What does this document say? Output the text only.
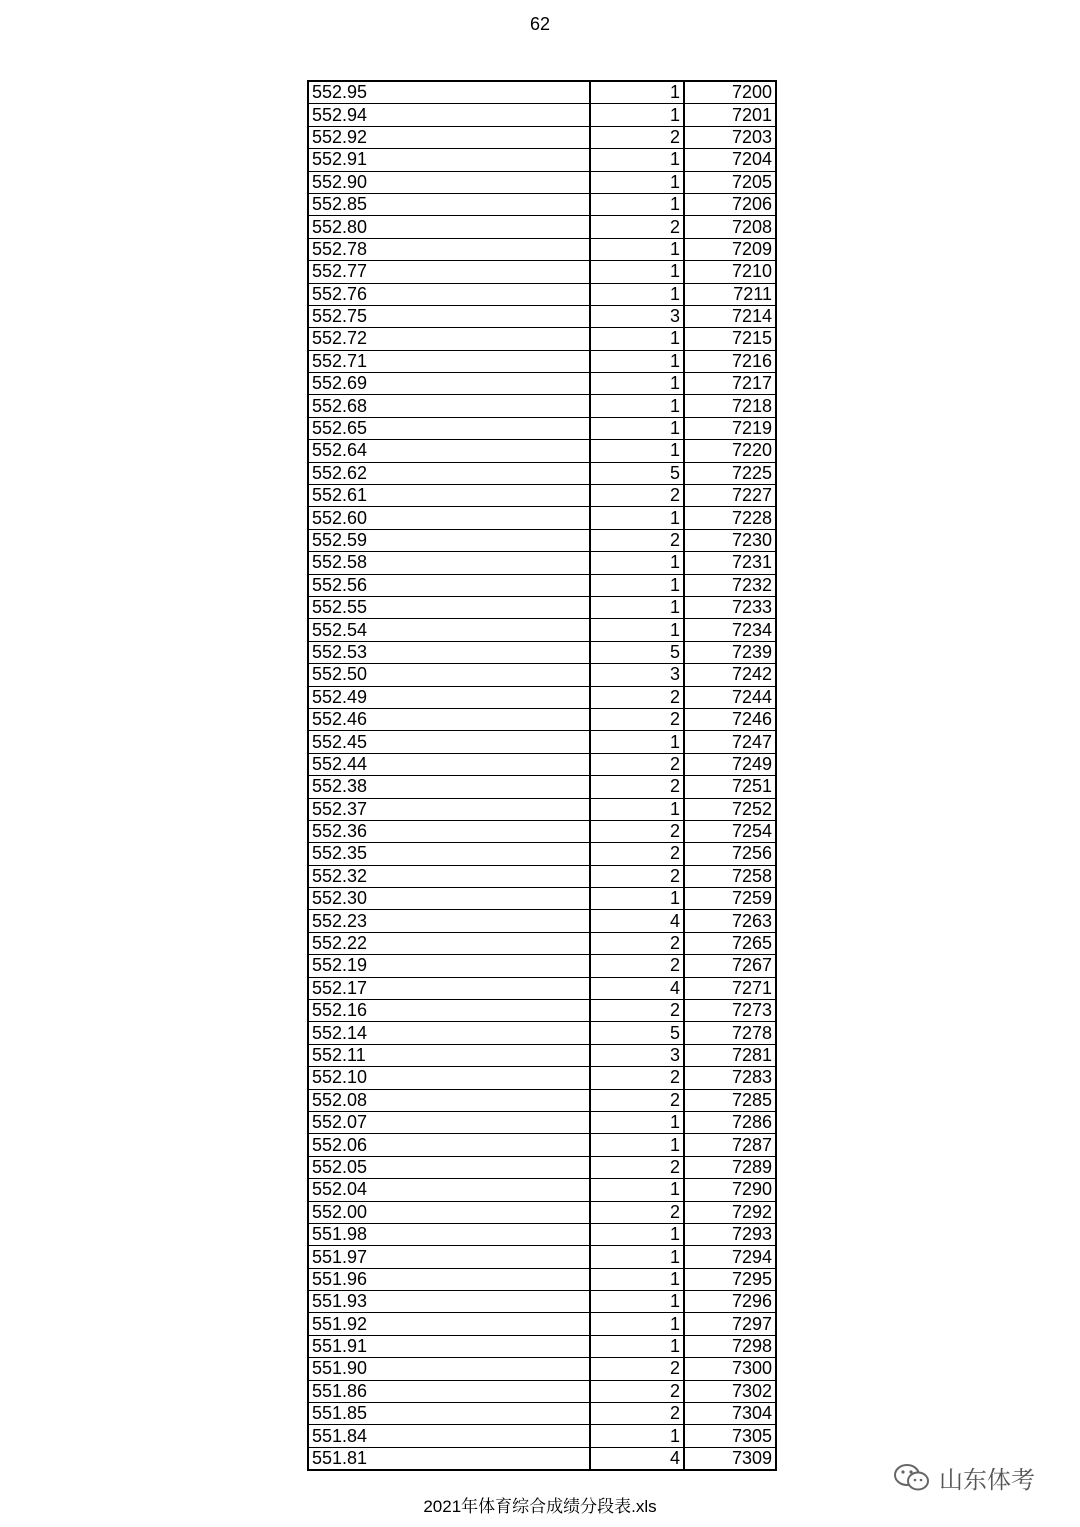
62
552.95	1	7200
552.94	1	7201
552.92	2	7203
552.91	1	7204
552.90	1	7205
552.85	1	7206
552.80	2	7208
552.78	1	7209
552.77	1	7210
552.76	1	7211
552.75	3	7214
552.72	1	7215
552.71	1	7216
552.69	1	7217
552.68	1	7218
552.65	1	7219
552.64	1	7220
552.62	5	7225
552.61	2	7227
552.60	1	7228
552.59	2	7230
552.58	1	7231
552.56	1	7232
552.55	1	7233
552.54	1	7234
552.53	5	7239
552.50	3	7242
552.49	2	7244
552.46	2	7246
552.45	1	7247
552.44	2	7249
552.38	2	7251
552.37	1	7252
552.36	2	7254
552.35	2	7256
552.32	2	7258
552.30	1	7259
552.23	4	7263
552.22	2	7265
552.19	2	7267
552.17	4	7271
552.16	2	7273
552.14	5	7278
552.11	3	7281
552.10	2	7283
552.08	2	7285
552.07	1	7286
552.06	1	7287
552.05	2	7289
552.04	1	7290
552.00	2	7292
551.98	1	7293
551.97	1	7294
551.96	1	7295
551.93	1	7296
551.92	1	7297
551.91	1	7298
551.90	2	7300
551.86	2	7302
551.85	2	7304
551.84	1	7305
551.81	4	7309
山东体考
2021年体育综合成绩分段表.xls
